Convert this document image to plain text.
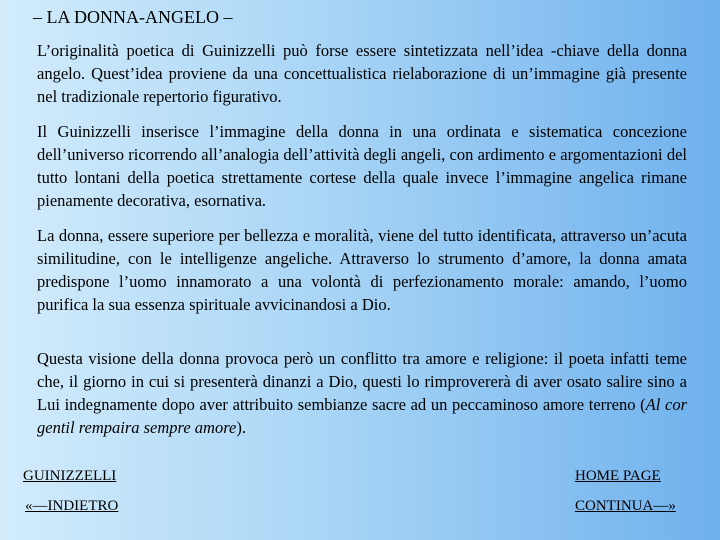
– LA DONNA-ANGELO –

L’originalità poetica di Guinizzelli può forse essere sintetizzata nell’idea -chiave della donna angelo. Quest’idea proviene da una concettualistica rielaborazione di un’immagine già presente nel tradizionale repertorio figurativo.

Il Guinizzelli inserisce l’immagine della donna in una ordinata e sistematica concezione dell’universo ricorrendo all’analogia dell’attività degli angeli, con ardimento e argomentazioni del tutto lontani della poetica strettamente cortese della quale invece l’immagine angelica rimane pienamente decorativa, esornativa.

La donna, essere superiore per bellezza e moralità, viene del tutto identificata, attraverso un’acuta similitudine, con le intelligenze angeliche. Attraverso lo strumento d’amore, la donna amata predispone l’uomo innamorato a una volontà di perfezionamento morale: amando, l’uomo purifica la sua essenza spirituale avvicinandosi a Dio.

Questa visione della donna provoca però un conflitto tra amore e religione: il poeta infatti teme che, il giorno in cui si presenterà dinanzi a Dio, questi lo rimprovererà di aver osato salire sino a Lui indegnamente dopo aver attribuito sembianze sacre ad un peccaminoso amore terreno (Al cor gentil rempaira sempre amore).

GUINIZZELLI	HOME PAGE
«—INDIETRO	CONTINUA—»
